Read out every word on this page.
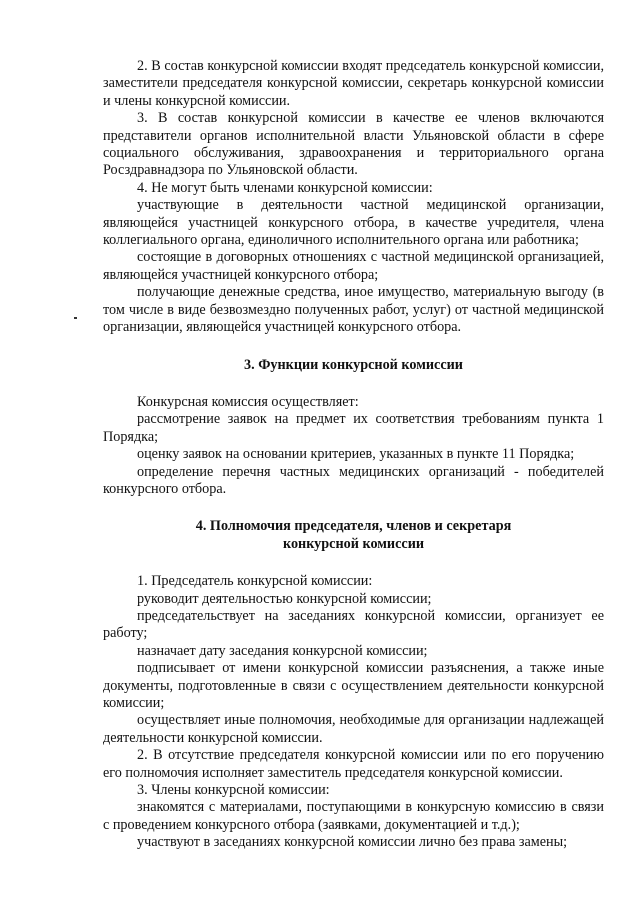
2. В состав конкурсной комиссии входят председатель конкурсной комиссии, заместители председателя конкурсной комиссии, секретарь конкурсной комиссии и члены конкурсной комиссии.

3. В состав конкурсной комиссии в качестве ее членов включаются представители органов исполнительной власти Ульяновской области в сфере социального обслуживания, здравоохранения и территориального органа Росздравнадзора по Ульяновской области.

4. Не могут быть членами конкурсной комиссии:

участвующие в деятельности частной медицинской организации, являющейся участницей конкурсного отбора, в качестве учредителя, члена коллегиального органа, единоличного исполнительного органа или работника;

состоящие в договорных отношениях с частной медицинской организацией, являющейся участницей конкурсного отбора;

получающие денежные средства, иное имущество, материальную выгоду (в том числе в виде безвозмездно полученных работ, услуг) от частной медицинской организации, являющейся участницей конкурсного отбора.

3. Функции конкурсной комиссии

Конкурсная комиссия осуществляет:

рассмотрение заявок на предмет их соответствия требованиям пункта 1 Порядка;

оценку заявок на основании критериев, указанных в пункте 11 Порядка;

определение перечня частных медицинских организаций - победителей конкурсного отбора.

4. Полномочия председателя, членов и секретаря
конкурсной комиссии

1. Председатель конкурсной комиссии:

руководит деятельностью конкурсной комиссии;

председательствует на заседаниях конкурсной комиссии, организует ее работу;

назначает дату заседания конкурсной комиссии;

подписывает от имени конкурсной комиссии разъяснения, а также иные документы, подготовленные в связи с осуществлением деятельности конкурсной комиссии;

осуществляет иные полномочия, необходимые для организации надлежащей деятельности конкурсной комиссии.

2. В отсутствие председателя конкурсной комиссии или по его поручению его полномочия исполняет заместитель председателя конкурсной комиссии.

3. Члены конкурсной комиссии:

знакомятся с материалами, поступающими в конкурсную комиссию в связи с проведением конкурсного отбора (заявками, документацией и т.д.);

участвуют в заседаниях конкурсной комиссии лично без права замены;
